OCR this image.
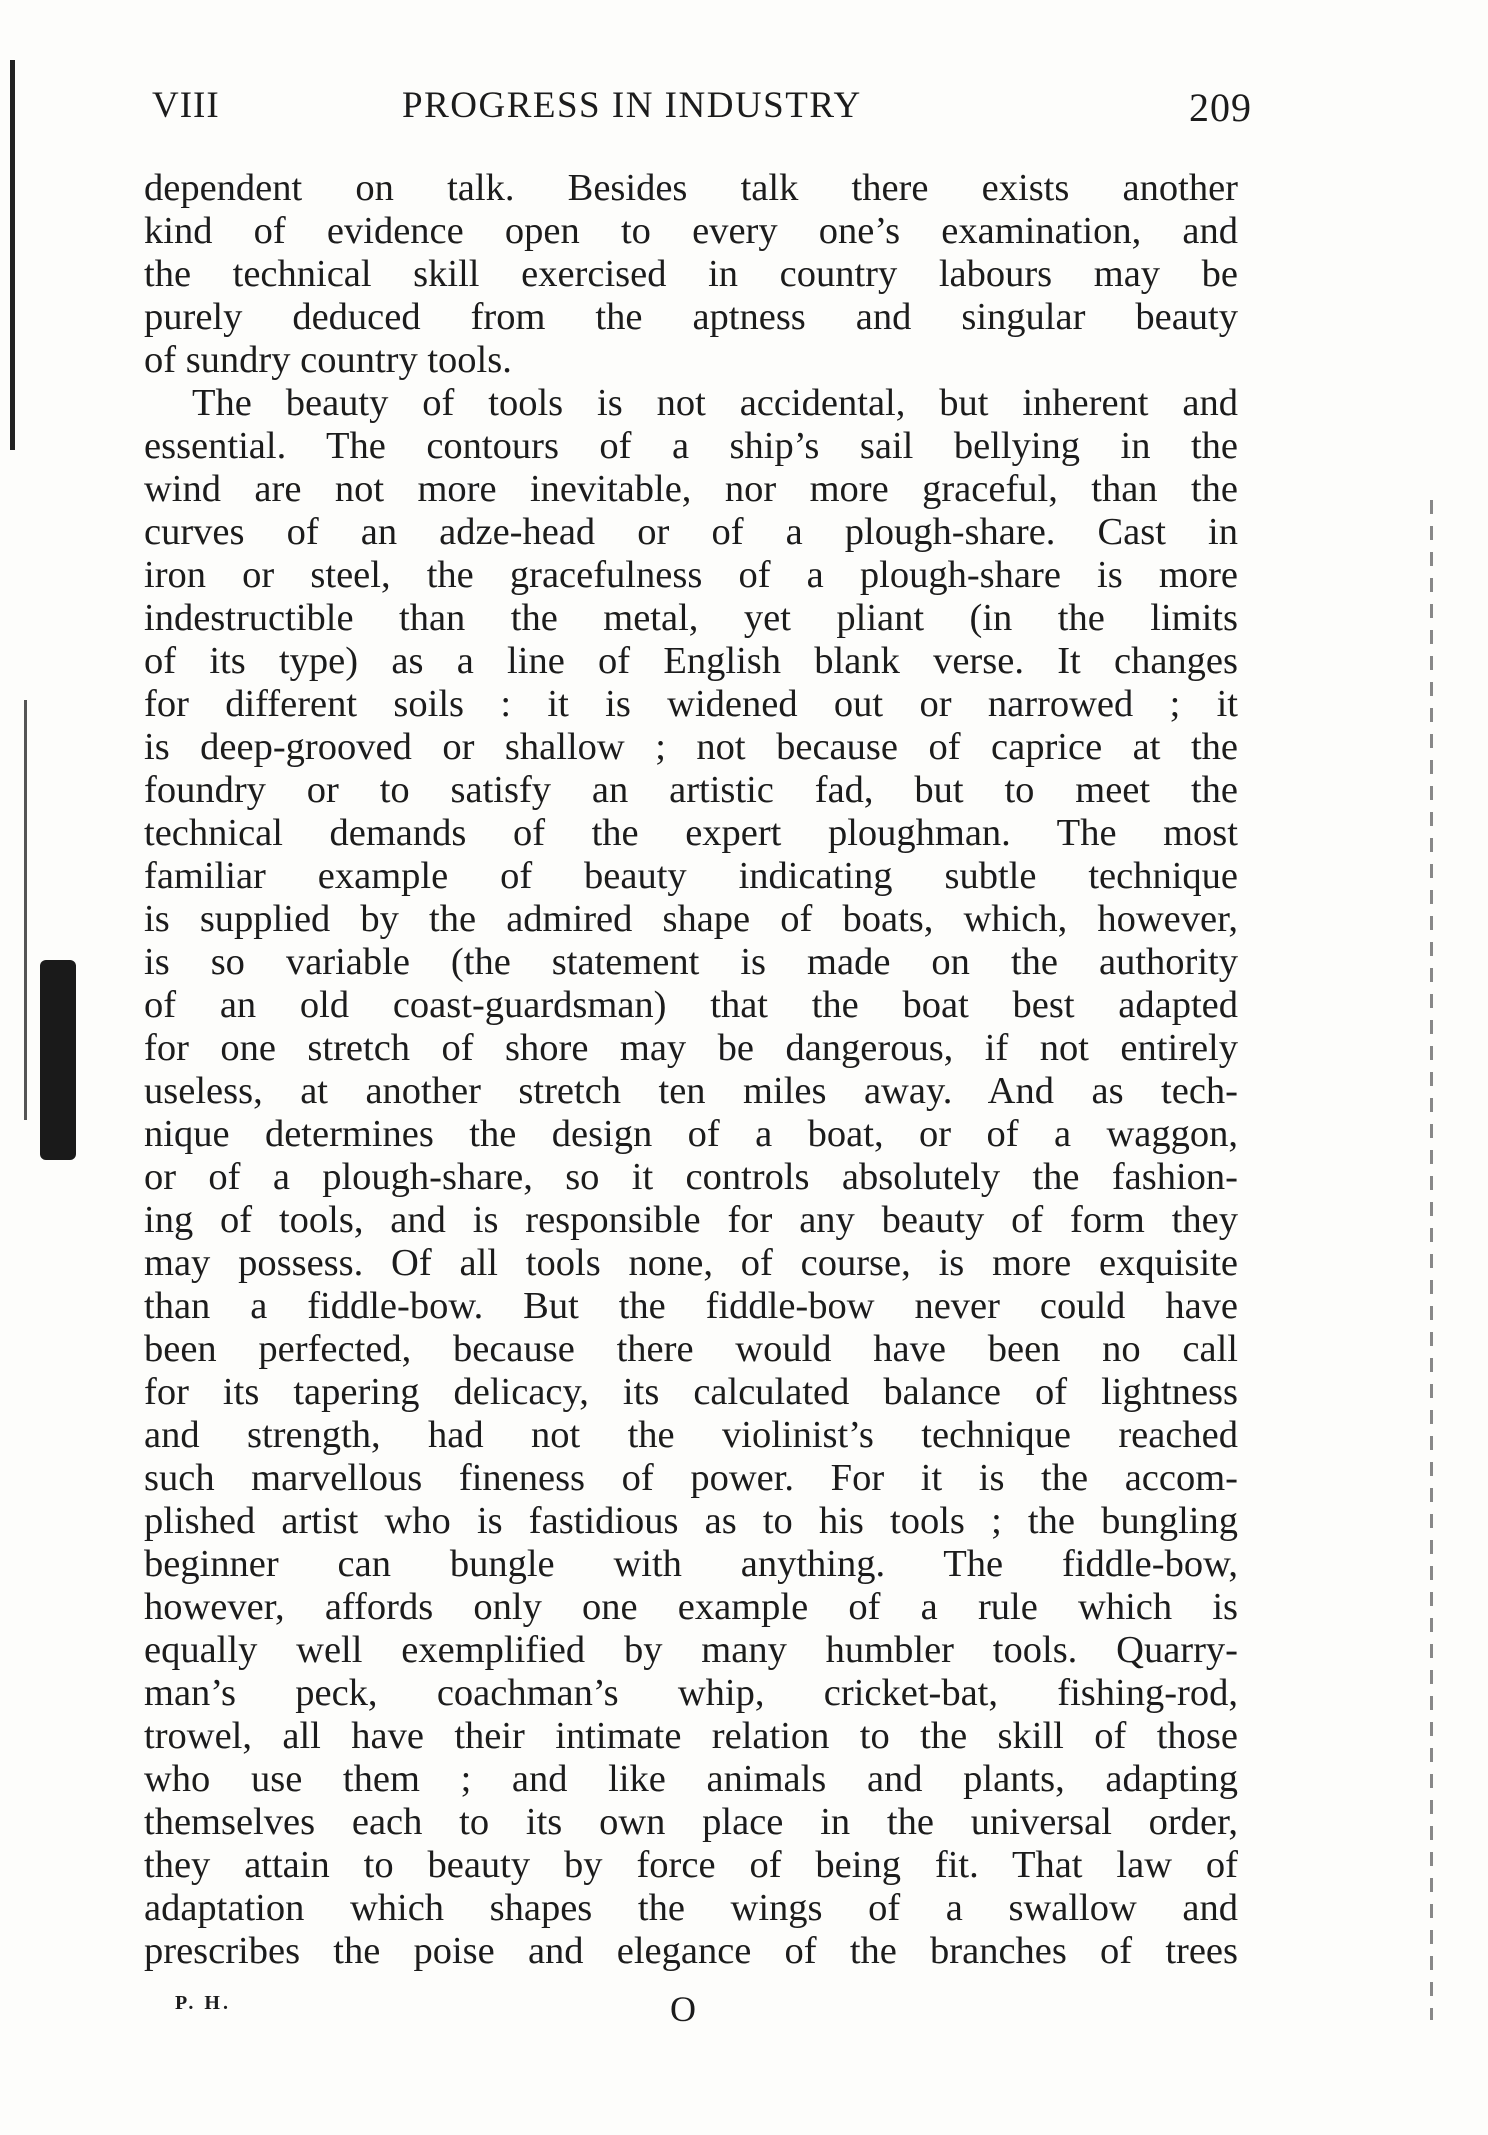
VIII	PROGRESS IN INDUSTRY	209
dependent on talk. Besides talk there exists another
kind of evidence open to every one’s examination, and
the technical skill exercised in country labours may be
purely deduced from the aptness and singular beauty
of sundry country tools.
The beauty of tools is not accidental, but inherent and
essential. The contours of a ship’s sail bellying in the
wind are not more inevitable, nor more graceful, than the
curves of an adze-head or of a plough-share. Cast in
iron or steel, the gracefulness of a plough-share is more
indestructible than the metal, yet pliant (in the limits
of its type) as a line of English blank verse. It changes
for different soils : it is widened out or narrowed ; it
is deep-grooved or shallow ; not because of caprice at the
foundry or to satisfy an artistic fad, but to meet the
technical demands of the expert ploughman. The most
familiar example of beauty indicating subtle technique
is supplied by the admired shape of boats, which, however,
is so variable (the statement is made on the authority
of an old coast-guardsman) that the boat best adapted
for one stretch of shore may be dangerous, if not entirely
useless, at another stretch ten miles away. And as tech-
nique determines the design of a boat, or of a waggon,
or of a plough-share, so it controls absolutely the fashion-
ing of tools, and is responsible for any beauty of form they
may possess. Of all tools none, of course, is more exquisite
than a fiddle-bow. But the fiddle-bow never could have
been perfected, because there would have been no call
for its tapering delicacy, its calculated balance of lightness
and strength, had not the violinist’s technique reached
such marvellous fineness of power. For it is the accom-
plished artist who is fastidious as to his tools ; the bungling
beginner can bungle with anything. The fiddle-bow,
however, affords only one example of a rule which is
equally well exemplified by many humbler tools. Quarry-
man’s peck, coachman’s whip, cricket-bat, fishing-rod,
trowel, all have their intimate relation to the skill of those
who use them ; and like animals and plants, adapting
themselves each to its own place in the universal order,
they attain to beauty by force of being fit. That law of
adaptation which shapes the wings of a swallow and
prescribes the poise and elegance of the branches of trees
P. H.	O
